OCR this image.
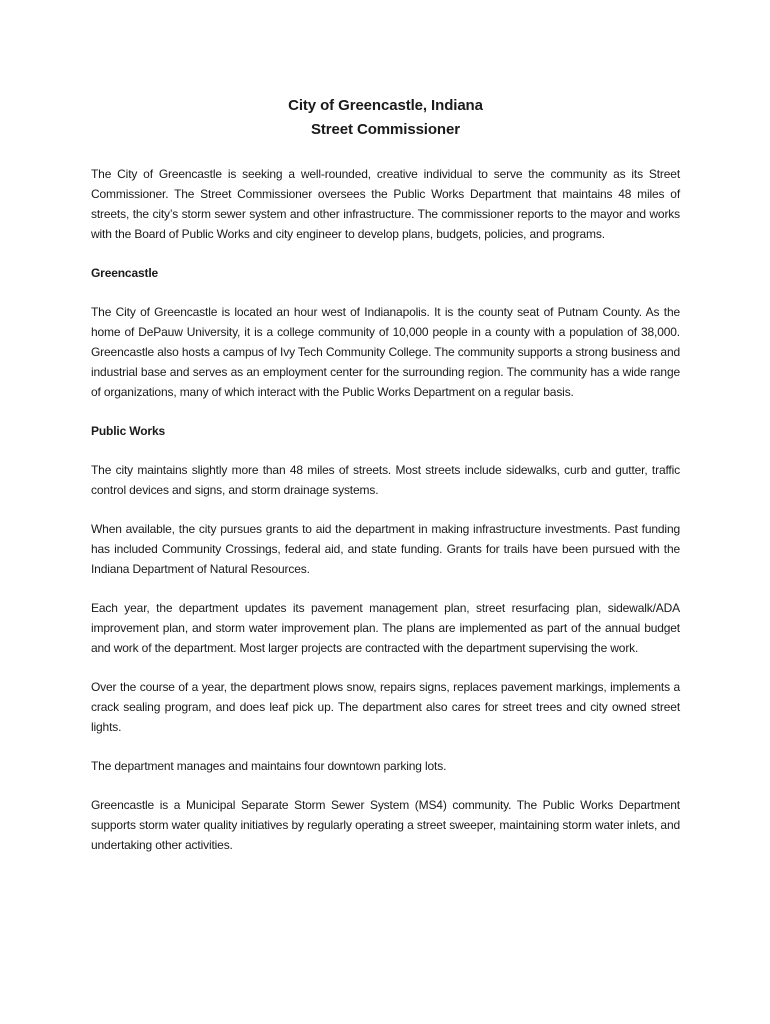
City of Greencastle, Indiana
Street Commissioner

The City of Greencastle is seeking a well-rounded, creative individual to serve the community as its Street Commissioner. The Street Commissioner oversees the Public Works Department that maintains 48 miles of streets, the city’s storm sewer system and other infrastructure. The commissioner reports to the mayor and works with the Board of Public Works and city engineer to develop plans, budgets, policies, and programs.

Greencastle

The City of Greencastle is located an hour west of Indianapolis. It is the county seat of Putnam County. As the home of DePauw University, it is a college community of 10,000 people in a county with a population of 38,000. Greencastle also hosts a campus of Ivy Tech Community College. The community supports a strong business and industrial base and serves as an employment center for the surrounding region. The community has a wide range of organizations, many of which interact with the Public Works Department on a regular basis.

Public Works

The city maintains slightly more than 48 miles of streets. Most streets include sidewalks, curb and gutter, traffic control devices and signs, and storm drainage systems.

When available, the city pursues grants to aid the department in making infrastructure investments. Past funding has included Community Crossings, federal aid, and state funding. Grants for trails have been pursued with the Indiana Department of Natural Resources.

Each year, the department updates its pavement management plan, street resurfacing plan, sidewalk/ADA improvement plan, and storm water improvement plan. The plans are implemented as part of the annual budget and work of the department. Most larger projects are contracted with the department supervising the work.

Over the course of a year, the department plows snow, repairs signs, replaces pavement markings, implements a crack sealing program, and does leaf pick up. The department also cares for street trees and city owned street lights.

The department manages and maintains four downtown parking lots.

Greencastle is a Municipal Separate Storm Sewer System (MS4) community. The Public Works Department supports storm water quality initiatives by regularly operating a street sweeper, maintaining storm water inlets, and undertaking other activities.
